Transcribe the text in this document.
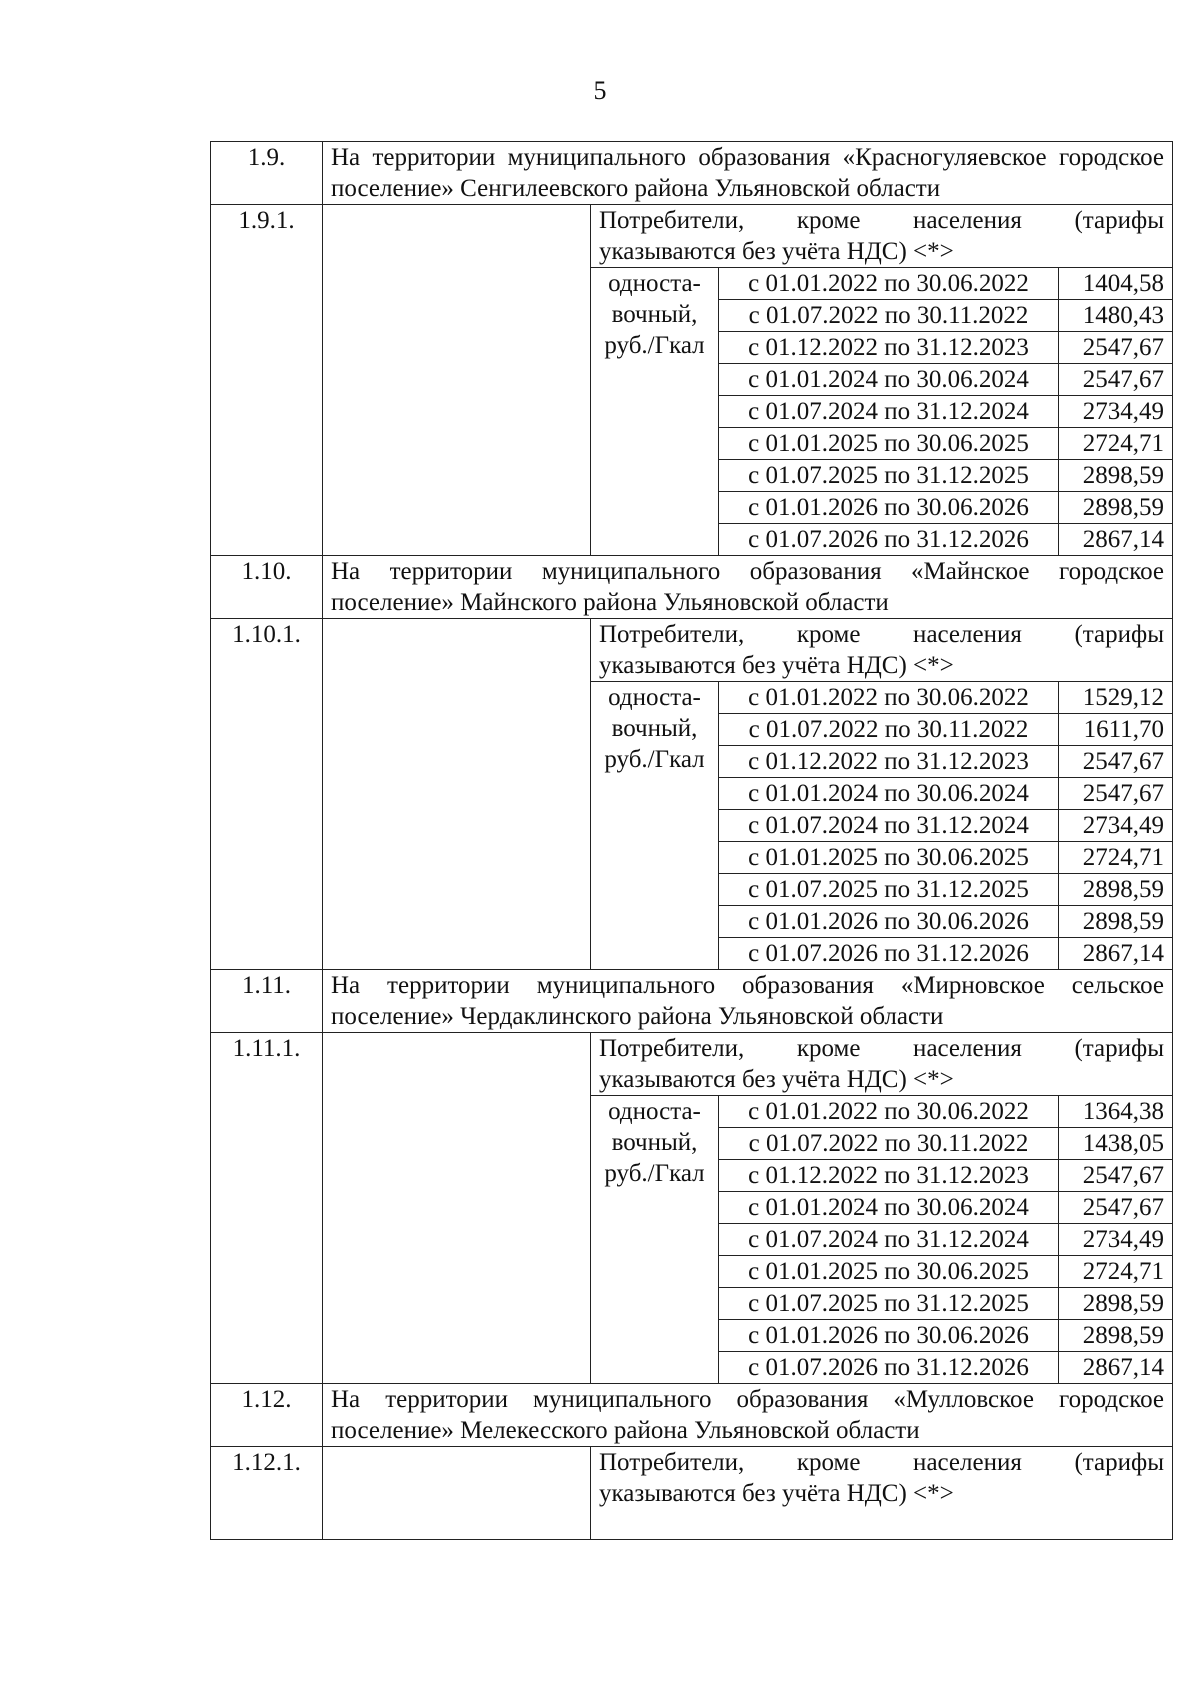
5
1.9.	На территории муниципального образования «Красногуляевское городское поселение» Сенгилеевского района Ульяновской области			
1.9.1.		Потребители, кроме населения (тарифы указываются без учёта НДС) <*>		
		односта-вочный, руб./Гкал	с 01.01.2022 по 30.06.2022	1404,58
			с 01.07.2022 по 30.11.2022	1480,43
			с 01.12.2022 по 31.12.2023	2547,67
			с 01.01.2024 по 30.06.2024	2547,67
			с 01.07.2024 по 31.12.2024	2734,49
			с 01.01.2025 по 30.06.2025	2724,71
			с 01.07.2025 по 31.12.2025	2898,59
			с 01.01.2026 по 30.06.2026	2898,59
			с 01.07.2026 по 31.12.2026	2867,14
1.10.	На территории муниципального образования «Майнское городское поселение» Майнского района Ульяновской области			
1.10.1.		Потребители, кроме населения (тарифы указываются без учёта НДС) <*>		
		односта-вочный, руб./Гкал	с 01.01.2022 по 30.06.2022	1529,12
			с 01.07.2022 по 30.11.2022	1611,70
			с 01.12.2022 по 31.12.2023	2547,67
			с 01.01.2024 по 30.06.2024	2547,67
			с 01.07.2024 по 31.12.2024	2734,49
			с 01.01.2025 по 30.06.2025	2724,71
			с 01.07.2025 по 31.12.2025	2898,59
			с 01.01.2026 по 30.06.2026	2898,59
			с 01.07.2026 по 31.12.2026	2867,14
1.11.	На территории муниципального образования «Мирновское сельское поселение» Чердаклинского района Ульяновской области			
1.11.1.		Потребители, кроме населения (тарифы указываются без учёта НДС) <*>		
		односта-вочный, руб./Гкал	с 01.01.2022 по 30.06.2022	1364,38
			с 01.07.2022 по 30.11.2022	1438,05
			с 01.12.2022 по 31.12.2023	2547,67
			с 01.01.2024 по 30.06.2024	2547,67
			с 01.07.2024 по 31.12.2024	2734,49
			с 01.01.2025 по 30.06.2025	2724,71
			с 01.07.2025 по 31.12.2025	2898,59
			с 01.01.2026 по 30.06.2026	2898,59
			с 01.07.2026 по 31.12.2026	2867,14
1.12.	На территории муниципального образования «Мулловское городское поселение» Мелекесского района Ульяновской области			
1.12.1.		Потребители, кроме населения (тарифы указываются без учёта НДС) <*>		
